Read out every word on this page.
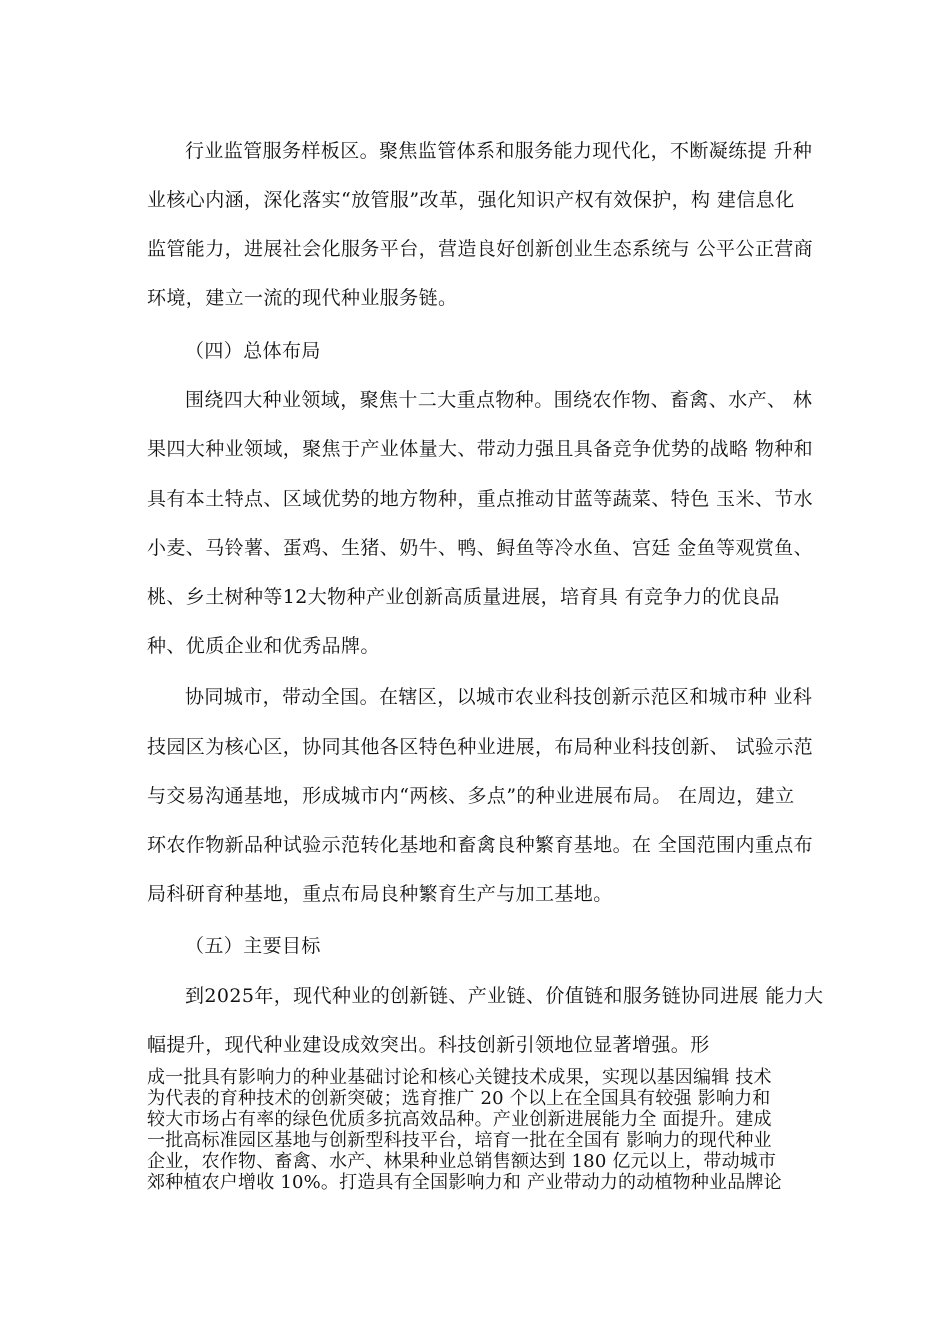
行业监管服务样板区。聚焦监管体系和服务能力现代化，不断凝练提 升种
业核心内涵，深化落实“放管服”改革，强化知识产权有效保护，构 建信息化
监管能力，进展社会化服务平台，营造良好创新创业生态系统与 公平公正营商
环境，建立一流的现代种业服务链。
（四）总体布局
围绕四大种业领域，聚焦十二大重点物种。围绕农作物、畜禽、水产、 林
果四大种业领域，聚焦于产业体量大、带动力强且具备竞争优势的战略 物种和
具有本土特点、区域优势的地方物种，重点推动甘蓝等蔬菜、特色 玉米、节水
小麦、马铃薯、蛋鸡、生猪、奶牛、鸭、鲟鱼等冷水鱼、宫廷 金鱼等观赏鱼、
桃、乡土树种等12大物种产业创新高质量进展，培育具 有竞争力的优良品
种、优质企业和优秀品牌。
协同城市，带动全国。在辖区，以城市农业科技创新示范区和城市种 业科
技园区为核心区，协同其他各区特色种业进展，布局种业科技创新、 试验示范
与交易沟通基地，形成城市内“两核、多点”的种业进展布局。 在周边，建立
环农作物新品种试验示范转化基地和畜禽良种繁育基地。在 全国范围内重点布
局科研育种基地，重点布局良种繁育生产与加工基地。
（五）主要目标
到2025年，现代种业的创新链、产业链、价值链和服务链协同进展 能力大
幅提升，现代种业建设成效突出。科技创新引领地位显著增强。形
成一批具有影响力的种业基础讨论和核心关键技术成果，实现以基因编辑 技术
为代表的育种技术的创新突破；选育推广 20 个以上在全国具有较强 影响力和
较大市场占有率的绿色优质多抗高效品种。产业创新进展能力全 面提升。建成
一批高标准园区基地与创新型科技平台，培育一批在全国有 影响力的现代种业
企业，农作物、畜禽、水产、林果种业总销售额达到 180 亿元以上，带动城市
郊种植农户增收 10%。打造具有全国影响力和 产业带动力的动植物种业品牌论
